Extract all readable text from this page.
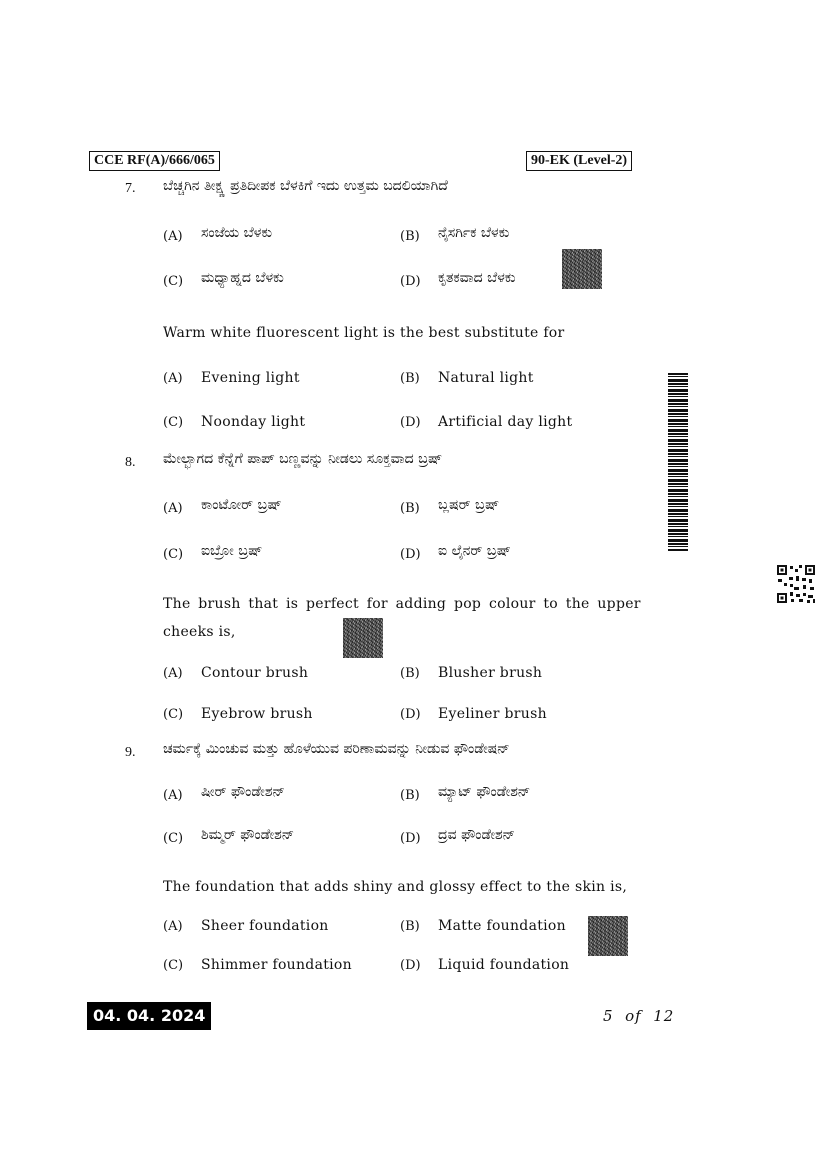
CCE RF(A)/666/065	90-EK (Level-2)
7. ಬೆಚ್ಚಗಿನ ತೀಕ್ಷ್ಣ ಪ್ರತಿದೀಪಕ ಬೆಳಕಿಗೆ ಇದು ಉತ್ತಮ ಬದಲಿಯಾಗಿದೆ
(A) ಸಂಜೆಯ ಬೆಳಕು	(B) ನೈಸರ್ಗಿಕ ಬೆಳಕು
(C) ಮಧ್ಯಾಹ್ನದ ಬೆಳಕು	(D) ಕೃತಕವಾದ ಬೆಳಕು
Warm white fluorescent light is the best substitute for
(A) Evening light	(B) Natural light
(C) Noonday light	(D) Artificial day light
8. ಮೇಲ್ಭಾಗದ ಕೆನ್ನೆಗೆ ಪಾಪ್ ಬಣ್ಣವನ್ನು ನೀಡಲು ಸೂಕ್ತವಾದ ಬ್ರಷ್
(A) ಕಾಂಟೋರ್ ಬ್ರಷ್	(B) ಬ್ಲಷರ್ ಬ್ರಷ್
(C) ಐಬ್ರೋ ಬ್ರಷ್	(D) ಐ ಲೈನರ್ ಬ್ರಷ್
The brush that is perfect for adding pop colour to the upper
cheeks is,
(A) Contour brush	(B) Blusher brush
(C) Eyebrow brush	(D) Eyeliner brush
9. ಚರ್ಮಕ್ಕೆ ಮಿಂಚುವ ಮತ್ತು ಹೊಳೆಯುವ ಪರಿಣಾಮವನ್ನು ನೀಡುವ ಫೌಂಡೇಷನ್
(A) ಷೀರ್ ಫೌಂಡೇಶನ್	(B) ಮ್ಯಾಟ್ ಫೌಂಡೇಶನ್
(C) ಶಿಮ್ಮರ್ ಫೌಂಡೇಶನ್	(D) ದ್ರವ ಫೌಂಡೇಶನ್
The foundation that adds shiny and glossy effect to the skin is,
(A) Sheer foundation	(B) Matte foundation
(C) Shimmer foundation	(D) Liquid foundation
04. 04. 2024	5  of  12
